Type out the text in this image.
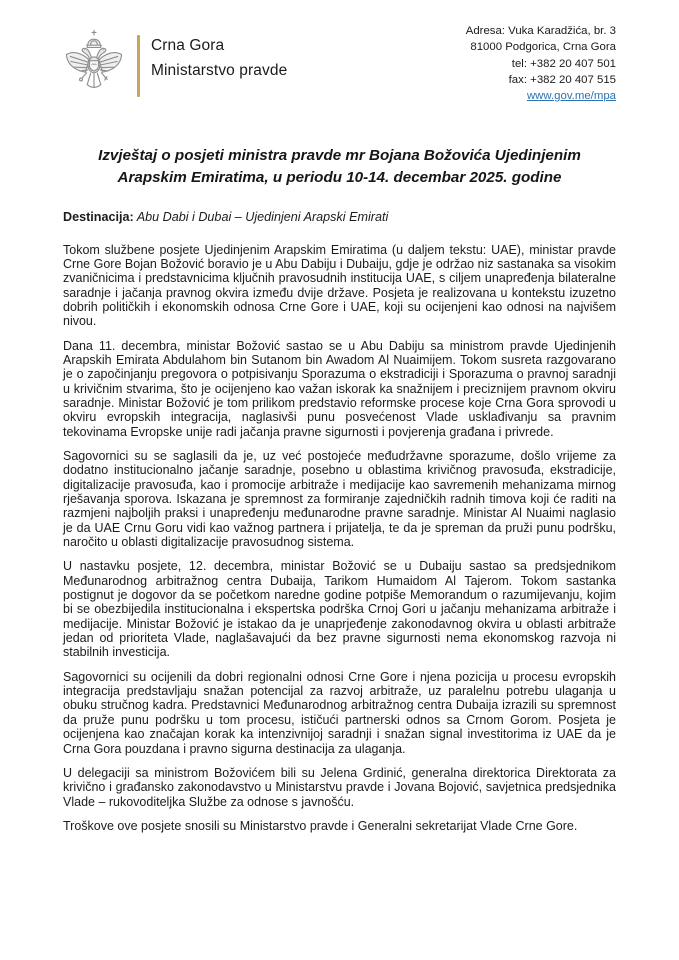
Crna Gora
Ministarstvo pravde
Adresa: Vuka Karadžića, br. 3
81000 Podgorica, Crna Gora
tel: +382 20 407 501
fax: +382 20 407 515
www.gov.me/mpa
Izvještaj o posjeti ministra pravde mr Bojana Božovića Ujedinjenim Arapskim Emiratima, u periodu 10-14. decembar 2025. godine
Destinacija: Abu Dabi i Dubai – Ujedinjeni Arapski Emirati

Tokom službene posjete Ujedinjenim Arapskim Emiratima (u daljem tekstu: UAE), ministar pravde Crne Gore Bojan Božović boravio je u Abu Dabiju i Dubaiju, gdje je održao niz sastanaka sa visokim zvaničnicima i predstavnicima ključnih pravosudnih institucija UAE, s ciljem unapređenja bilateralne saradnje i jačanja pravnog okvira između dvije države. Posjeta je realizovana u kontekstu izuzetno dobrih političkih i ekonomskih odnosa Crne Gore i UAE, koji su ocijenjeni kao odnosi na najvišem nivou.

Dana 11. decembra, ministar Božović sastao se u Abu Dabiju sa ministrom pravde Ujedinjenih Arapskih Emirata Abdulahom bin Sutanom bin Awadom Al Nuaimijem. Tokom susreta razgovarano je o započinjanju pregovora o potpisivanju Sporazuma o ekstradiciji i Sporazuma o pravnoj saradnji u krivičnim stvarima, što je ocijenjeno kao važan iskorak ka snažnijem i preciznijem pravnom okviru saradnje. Ministar Božović je tom prilikom predstavio reformske procese koje Crna Gora sprovodi u okviru evropskih integracija, naglasivši punu posvećenost Vlade usklađivanju sa pravnim tekovinama Evropske unije radi jačanja pravne sigurnosti i povjerenja građana i privrede.

Sagovornici su se saglasili da je, uz već postojeće međudržavne sporazume, došlo vrijeme za dodatno institucionalno jačanje saradnje, posebno u oblastima krivičnog pravosuđa, ekstradicije, digitalizacije pravosuđa, kao i promocije arbitraže i medijacije kao savremenih mehanizama mirnog rješavanja sporova. Iskazana je spremnost za formiranje zajedničkih radnih timova koji će raditi na razmjeni najboljih praksi i unapređenju međunarodne pravne saradnje. Ministar Al Nuaimi naglasio je da UAE Crnu Goru vidi kao važnog partnera i prijatelja, te da je spreman da pruži punu podršku, naročito u oblasti digitalizacije pravosudnog sistema.

U nastavku posjete, 12. decembra, ministar Božović se u Dubaiju sastao sa predsjednikom Međunarodnog arbitražnog centra Dubaija, Tarikom Humaidom Al Tajerom. Tokom sastanka postignut je dogovor da se početkom naredne godine potpiše Memorandum o razumijevanju, kojim bi se obezbijedila institucionalna i ekspertska podrška Crnoj Gori u jačanju mehanizama arbitraže i medijacije. Ministar Božović je istakao da je unaprjeđenje zakonodavnog okvira u oblasti arbitraže jedan od prioriteta Vlade, naglašavajući da bez pravne sigurnosti nema ekonomskog razvoja ni stabilnih investicija.

Sagovornici su ocijenili da dobri regionalni odnosi Crne Gore i njena pozicija u procesu evropskih integracija predstavljaju snažan potencijal za razvoj arbitraže, uz paralelnu potrebu ulaganja u obuku stručnog kadra. Predstavnici Međunarodnog arbitražnog centra Dubaija izrazili su spremnost da pruže punu podršku u tom procesu, ističući partnerski odnos sa Crnom Gorom. Posjeta je ocijenjena kao značajan korak ka intenzivnijoj saradnji i snažan signal investitorima iz UAE da je Crna Gora pouzdana i pravno sigurna destinacija za ulaganja.

U delegaciji sa ministrom Božovićem bili su Jelena Grdinić, generalna direktorica Direktorata za krivično i građansko zakonodavstvo u Ministarstvu pravde i Jovana Bojović, savjetnica predsjednika Vlade – rukovoditeljka Službe za odnose s javnošću.

Troškove ove posjete snosili su Ministarstvo pravde i Generalni sekretarijat Vlade Crne Gore.
